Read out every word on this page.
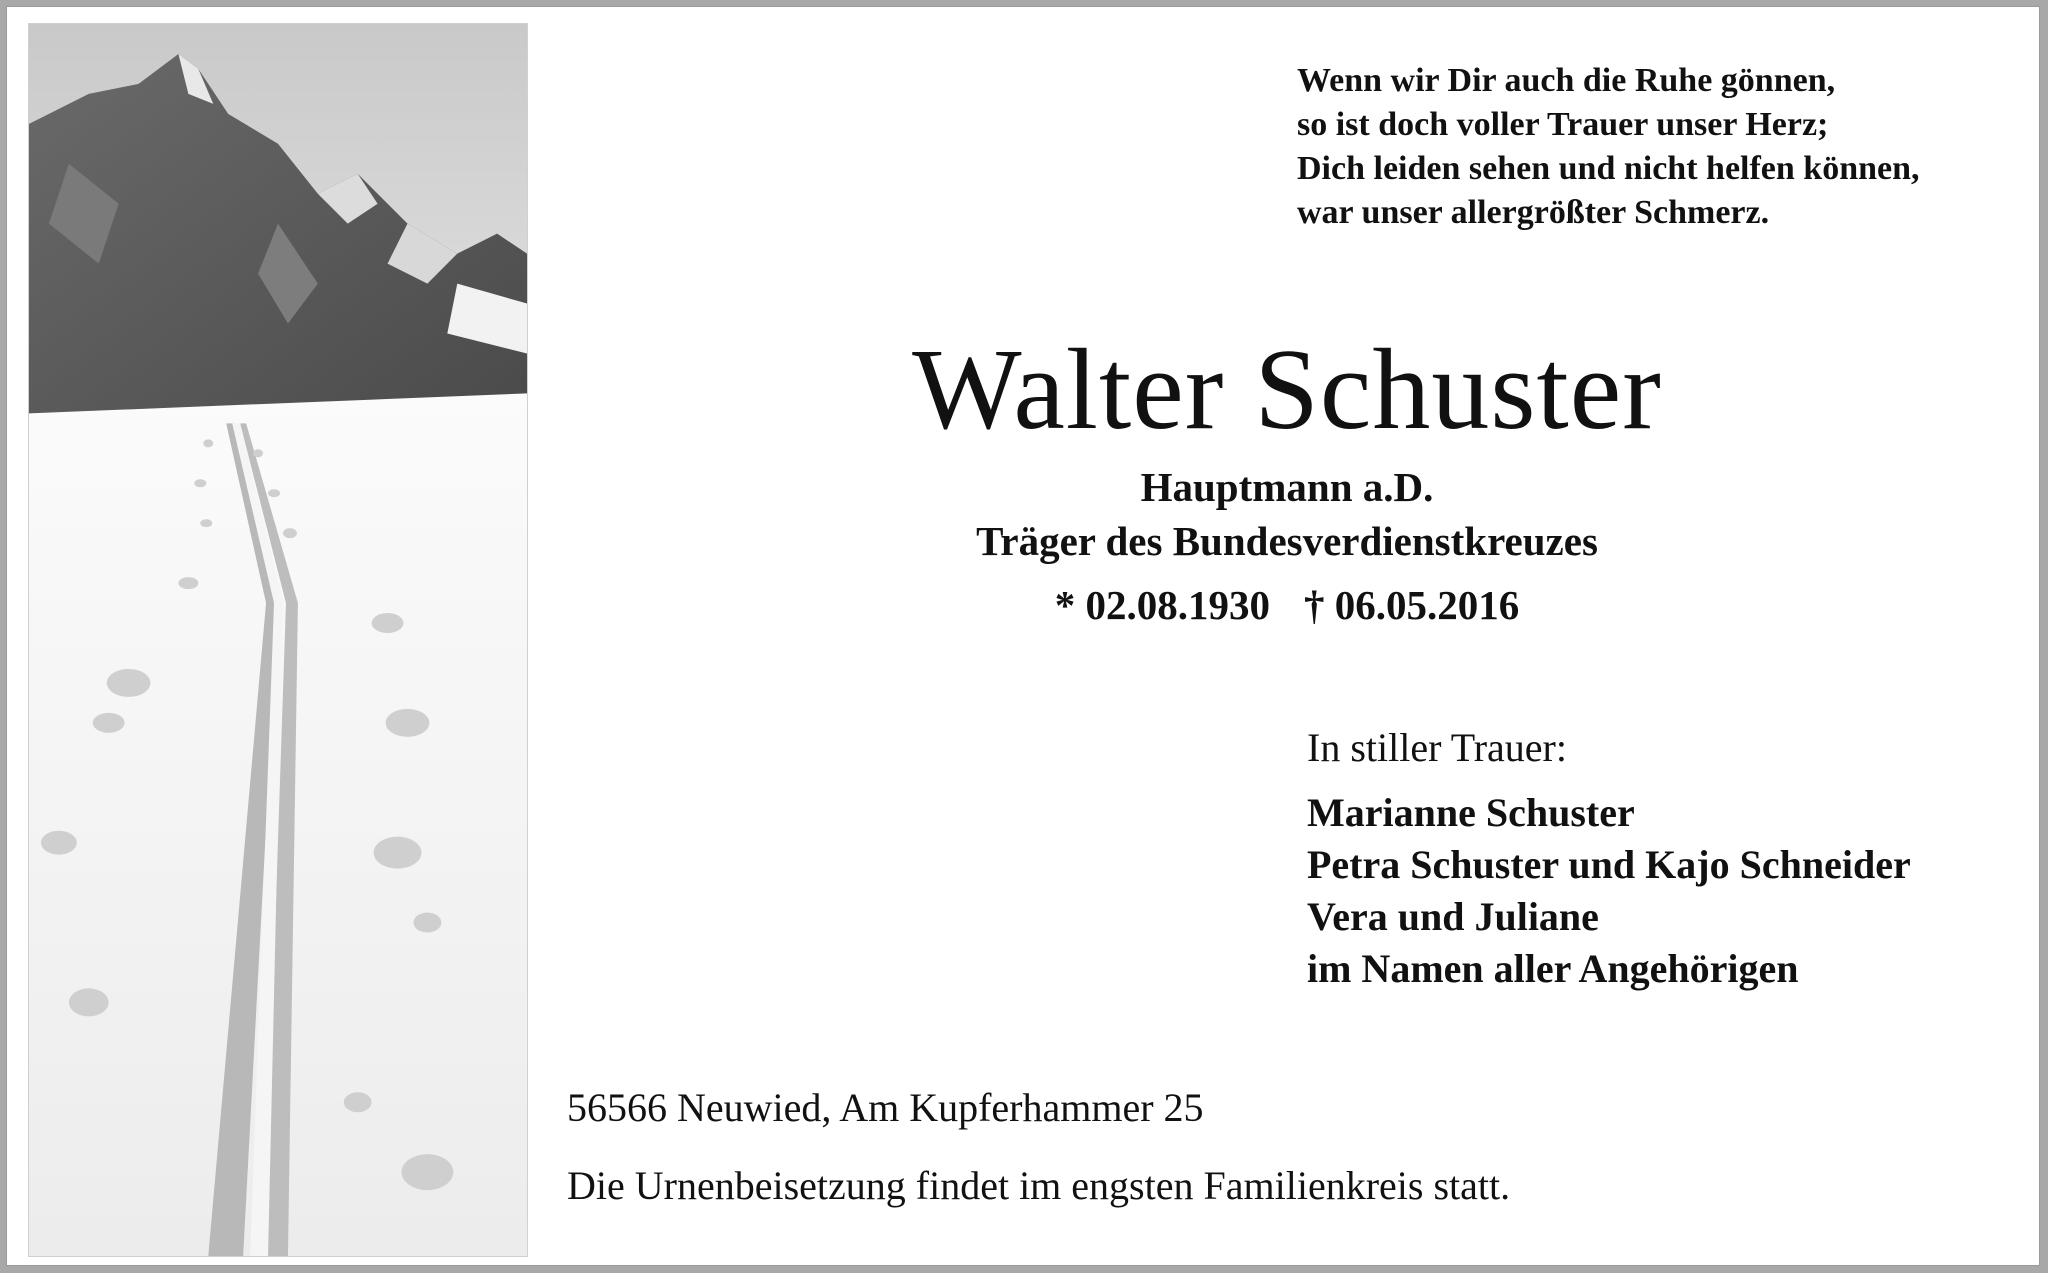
Wenn wir Dir auch die Ruhe gönnen,
so ist doch voller Trauer unser Herz;
Dich leiden sehen und nicht helfen können,
war unser allergrößter Schmerz.
Walter Schuster
Hauptmann a.D.
Träger des Bundesverdienstkreuzes
* 02.08.1930 † 06.05.2016
In stiller Trauer:
Marianne Schuster
Petra Schuster und Kajo Schneider
Vera und Juliane
im Namen aller Angehörigen
56566 Neuwied, Am Kupferhammer 25
Die Urnenbeisetzung findet im engsten Familienkreis statt.
